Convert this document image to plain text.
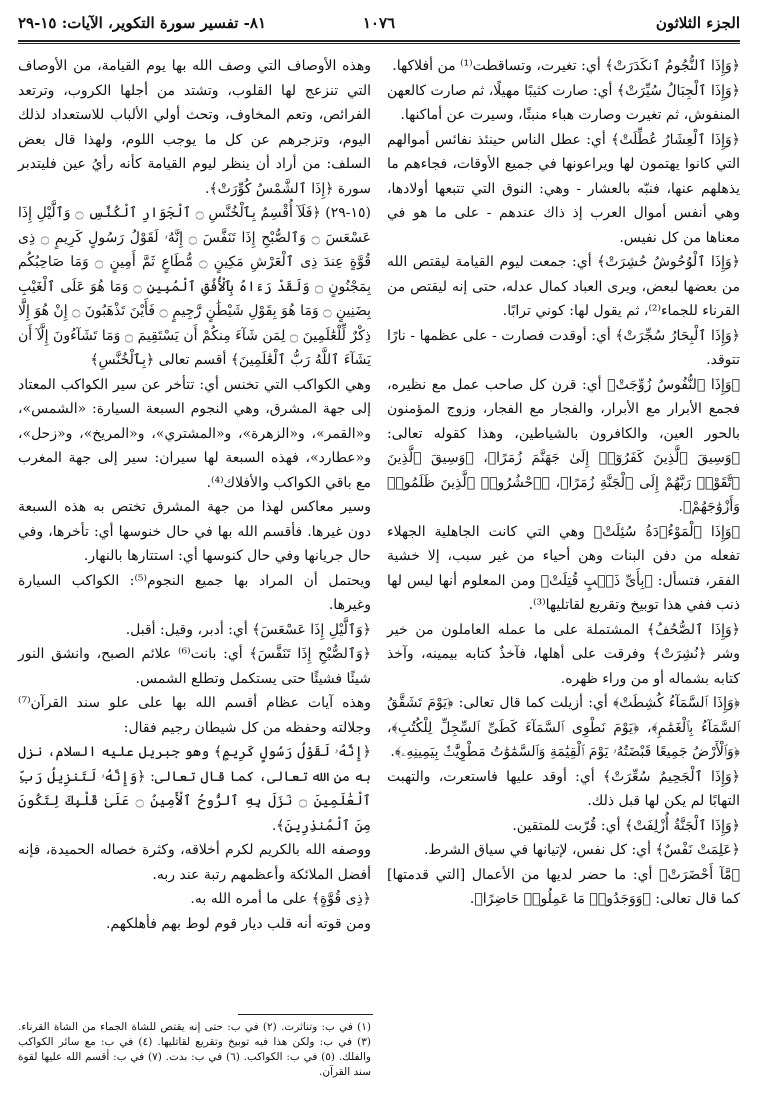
الجزء الثلاثون
١٠٧٦
٨١- تفسير سورة التكوير، الآيات: ١٥-٢٩

﴿وَإِذَا ٱلنُّجُومُ ٱنكَدَرَتْ﴾ أي: تغيرت، وتساقطت⁽¹⁾ من أفلاكها.

﴿وَإِذَا ٱلْجِبَالُ سُيِّرَتْ﴾ أي: صارت كثيبًا مهيلًا، ثم صارت كالعهن المنفوش، ثم تغيرت وصارت هباء منبثًا، وسيرت عن أماكنها.

﴿وَإِذَا ٱلْعِشَارُ عُطِّلَتْ﴾ أي: عطل الناس حينئذ نفائس أموالهم التي كانوا يهتمون لها ويراعونها في جميع الأوقات، فجاءهم ما يذهلهم عنها، فنبّه بالعشار - وهي: النوق التي تتبعها أولادها، وهي أنفس أموال العرب إذ ذاك عندهم - على ما هو في معناها من كل نفيس.

﴿وَإِذَا ٱلْوُحُوشُ حُشِرَتْ﴾ أي: جمعت ليوم القيامة ليقتص الله من بعضها لبعض، ويرى العباد كمال عدله، حتى إنه ليقتص من القرناء للجماء⁽²⁾، ثم يقول لها: كوني ترابًا.

﴿وَإِذَا ٱلْبِحَارُ سُجِّرَتْ﴾ أي: أوقدت فصارت - على عظمها - نارًا تتوقد.

﴿وَإِذَا ٱلنُّفُوسُ زُوِّجَتْ﴾ أي: قرن كل صاحب عمل مع نظيره، فجمع الأبرار مع الأبرار، والفجار مع الفجار، وزوج المؤمنون بالحور العين، والكافرون بالشياطين، وهذا كقوله تعالى: ﴿وَسِيقَ ٱلَّذِينَ كَفَرُوٓا۟ إِلَىٰ جَهَنَّمَ زُمَرًا﴾، ﴿وَسِيقَ ٱلَّذِينَ ٱتَّقَوْا۟ رَبَّهُمْ إِلَى ٱلْجَنَّةِ زُمَرًا﴾، ﴿ٱحْشُرُوا۟ ٱلَّذِينَ ظَلَمُوا۟ وَأَزْوَٰجَهُمْ﴾.

﴿وَإِذَا ٱلْمَوْءُۥدَةُ سُئِلَتْ﴾ وهي التي كانت الجاهلية الجهلاء تفعله من دفن البنات وهن أحياء من غير سبب، إلا خشية الفقر، فتسأل: ﴿بِأَىِّ ذَنۢبٍ قُتِلَتْ﴾ ومن المعلوم أنها ليس لها ذنب ففي هذا توبيخ وتقريع لقاتليها⁽³⁾.

﴿وَإِذَا ٱلصُّحُفُ﴾ المشتملة على ما عمله العاملون من خير وشر ﴿نُشِرَتْ﴾ وفرقت على أهلها، فآخذٌ كتابه بيمينه، وآخذ كتابه بشماله أو من وراء ظهره.

﴿وَإِذَا ٱلسَّمَآءُ كُشِطَتْ﴾ أي: أزيلت كما قال تعالى: ﴿يَوْمَ تَشَقَّقُ ٱلسَّمَآءُ بِٱلْغَمَٰمِ﴾، ﴿يَوْمَ نَطْوِى ٱلسَّمَآءَ كَطَىِّ ٱلسِّجِلِّ لِلْكُتُبِ﴾، ﴿وَٱلْأَرْضُ جَمِيعًا قَبْضَتُهُۥ يَوْمَ ٱلْقِيَٰمَةِ وَٱلسَّمَٰوَٰتُ مَطْوِيَّٰتٌۢ بِيَمِينِهِۦ﴾.

﴿وَإِذَا ٱلْجَحِيمُ سُعِّرَتْ﴾ أي: أوقد عليها فاستعرت، والتهبت التهابًا لم يكن لها قبل ذلك.

﴿وَإِذَا ٱلْجَنَّةُ أُزْلِفَتْ﴾ أي: قُرّبت للمتقين.

﴿عَلِمَتْ نَفْسٌ﴾ أي: كل نفس، لإتيانها في سياق الشرط.

﴿مَّآ أَحْضَرَتْ﴾ أي: ما حضر لديها من الأعمال [التي قدمتها] كما قال تعالى: ﴿وَوَجَدُوا۟ مَا عَمِلُوا۟ حَاضِرًا﴾.

وهذه الأوصاف التي وصف الله بها يوم القيامة، من الأوصاف التي تنزعج لها القلوب، وتشتد من أجلها الكروب، وترتعد الفرائص، وتعم المخاوف، وتحث أولي الألباب للاستعداد لذلك اليوم، وتزجرهم عن كل ما يوجب اللوم، ولهذا قال بعض السلف: من أراد أن ينظر ليوم القيامة كأنه رأيُ عين فليتدبر سورة ﴿إِذَا ٱلشَّمْسُ كُوِّرَتْ﴾.

(١٥-٢٩) ﴿فَلَآ أُقْسِمُ بِٱلْخُنَّسِ ۝ ٱلْجَوَارِ ٱلْكُنَّسِ ۝ وَٱلَّيْلِ إِذَا عَسْعَسَ ۝ وَٱلصُّبْحِ إِذَا تَنَفَّسَ ۝ إِنَّهُۥ لَقَوْلُ رَسُولٍ كَرِيمٍ ۝ ذِى قُوَّةٍ عِندَ ذِى ٱلْعَرْشِ مَكِينٍ ۝ مُّطَاعٍ ثَمَّ أَمِينٍ ۝ وَمَا صَاحِبُكُم بِمَجْنُونٍ ۝ وَلَقَدْ رَءَاهُ بِٱلْأُفُقِ ٱلْمُبِينِ ۝ وَمَا هُوَ عَلَى ٱلْغَيْبِ بِضَنِينٍ ۝ وَمَا هُوَ بِقَوْلِ شَيْطَٰنٍ رَّجِيمٍ ۝ فَأَيْنَ تَذْهَبُونَ ۝ إِنْ هُوَ إِلَّا ذِكْرٌ لِّلْعَٰلَمِينَ ۝ لِمَن شَآءَ مِنكُمْ أَن يَسْتَقِيمَ ۝ وَمَا تَشَآءُونَ إِلَّآ أَن يَشَآءَ ٱللَّهُ رَبُّ ٱلْعَٰلَمِينَ﴾ أقسم تعالى ﴿بِٱلْخُنَّسِ﴾

وهي الكواكب التي تخنس أي: تتأخر عن سير الكواكب المعتاد إلى جهة المشرق، وهي النجوم السبعة السيارة: «الشمس»، و«القمر»، و«الزهرة»، و«المشتري»، و«المريخ»، و«زحل»، و«عطارد»، فهذه السبعة لها سيران: سير إلى جهة المغرب مع باقي الكواكب والأفلاك⁽⁴⁾.

وسير معاكس لهذا من جهة المشرق تختص به هذه السبعة دون غيرها. فأقسم الله بها في حال خنوسها أي: تأخرها، وفي حال جريانها وفي حال كنوسها أي: استتارها بالنهار.

ويحتمل أن المراد بها جميع النجوم⁽⁵⁾: الكواكب السيارة وغيرها.

﴿وَٱلَّيْلِ إِذَا عَسْعَسَ﴾ أي: أدبر، وقيل: أقبل.

﴿وَٱلصُّبْحِ إِذَا تَنَفَّسَ﴾ أي: بانت⁽⁶⁾ علائم الصبح، وانشق النور شيئًا فشيئًا حتى يستكمل وتطلع الشمس.

وهذه آيات عظام أقسم الله بها على علو سند القرآن⁽⁷⁾ وجلالته وحفظه من كل شيطان رجيم فقال:

﴿إِنَّهُۥ لَقَوْلُ رَسُولٍ كَرِيمٍ﴾ وهو جبريل عليه السلام، نزل به من الله تعالى، كما قال تعالى: ﴿وَإِنَّهُۥ لَتَنزِيلُ رَبِّ ٱلْعَٰلَمِينَ ۝ نَزَلَ بِهِ ٱلرُّوحُ ٱلْأَمِينُ ۝ عَلَىٰ قَلْبِكَ لِتَكُونَ مِنَ ٱلْمُنذِرِينَ﴾.

ووصفه الله بالكريم لكرم أخلاقه، وكثرة خصاله الحميدة، فإنه أفضل الملائكة وأعظمهم رتبة عند ربه.

﴿ذِى قُوَّةٍ﴾ على ما أمره الله به.

ومن قوته أنه قلب ديار قوم لوط بهم فأهلكهم.

(١) في ب: وتناثرت. (٢) في ب: حتى إنه يقتص للشاة الجماء من الشاة القرناء. (٣) في ب: ولكن هذا فيه توبيخ وتقريع لقاتليها. (٤) في ب: مع سائر الكواكب والفلك. (٥) في ب: الكواكب. (٦) في ب: بدت. (٧) في ب: أقسم الله عليها لقوة سند القرآن.
